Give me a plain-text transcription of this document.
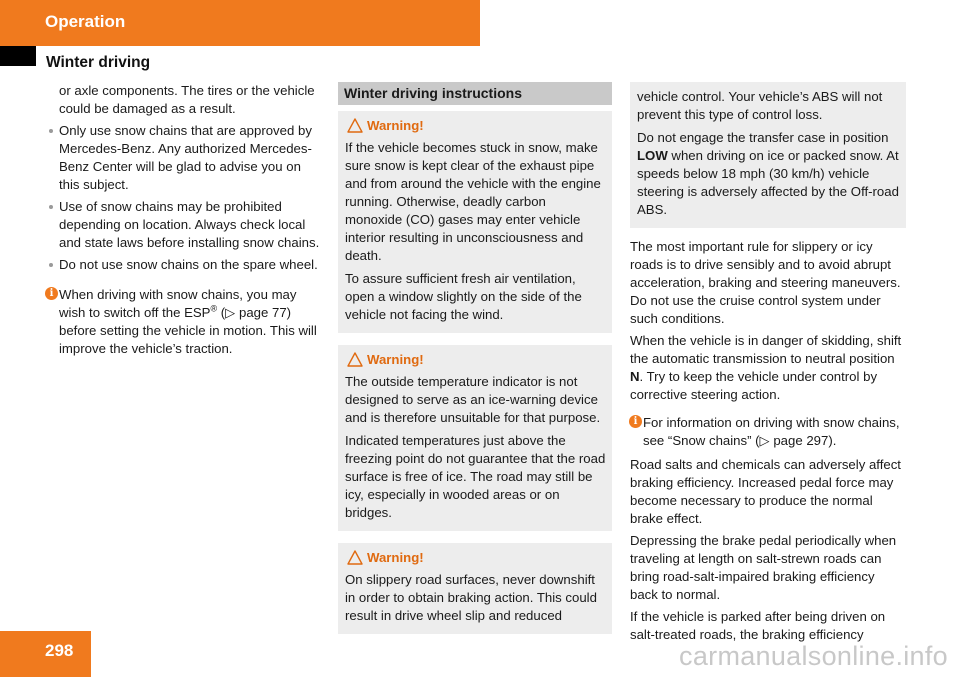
Operation
Winter driving

or axle components. The tires or the vehicle could be damaged as a result.

Only use snow chains that are approved by Mercedes-Benz. Any authorized Mercedes-Benz Center will be glad to advise you on this subject.
Use of snow chains may be prohibited depending on location. Always check local and state laws before installing snow chains.
Do not use snow chains on the spare wheel.
i When driving with snow chains, you may wish to switch off the ESP® (▷ page 77) before setting the vehicle in motion. This will improve the vehicle’s traction.
Winter driving instructions
Warning!

If the vehicle becomes stuck in snow, make sure snow is kept clear of the exhaust pipe and from around the vehicle with the engine running. Otherwise, deadly carbon monoxide (CO) gases may enter vehicle interior resulting in unconsciousness and death.

To assure sufficient fresh air ventilation, open a window slightly on the side of the vehicle not facing the wind.

Warning!

The outside temperature indicator is not designed to serve as an ice-warning device and is therefore unsuitable for that purpose.

Indicated temperatures just above the freezing point do not guarantee that the road surface is free of ice. The road may still be icy, especially in wooded areas or on bridges.

Warning!

On slippery road surfaces, never downshift in order to obtain braking action. This could result in drive wheel slip and reduced

vehicle control. Your vehicle’s ABS will not prevent this type of control loss.

Do not engage the transfer case in position LOW when driving on ice or packed snow. At speeds below 18 mph (30 km/h) vehicle steering is adversely affected by the Off-road ABS.

The most important rule for slippery or icy roads is to drive sensibly and to avoid abrupt acceleration, braking and steering maneuvers. Do not use the cruise control system under such conditions.

When the vehicle is in danger of skidding, shift the automatic transmission to neutral position N. Try to keep the vehicle under control by corrective steering action.

i For information on driving with snow chains, see “Snow chains” (▷ page 297).

Road salts and chemicals can adversely affect braking efficiency. Increased pedal force may become necessary to produce the normal brake effect.

Depressing the brake pedal periodically when traveling at length on salt-strewn roads can bring road-salt-impaired braking efficiency back to normal.

If the vehicle is parked after being driven on salt-treated roads, the braking efficiency

298	carmanualsonline.info
